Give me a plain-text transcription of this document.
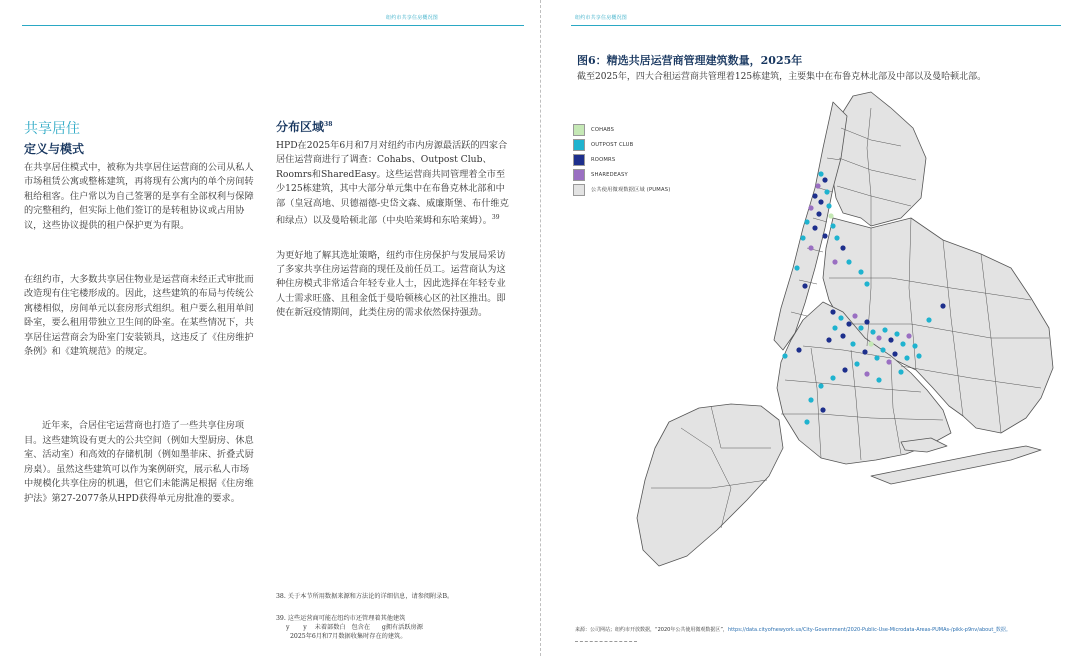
纽约市共享住房概况图
共享居住
定义与模式

在共享居住模式中，被称为共享居住运营商的公司从私人市场租赁公寓或整栋建筑，再将现有公寓内的单个房间转租给租客。住户常以为自己签署的是享有全部权利与保障的完整租约，但实际上他们签订的是转租协议或占用协议，这些协议提供的租户保护更为有限。

在纽约市，大多数共享居住物业是运营商未经正式审批而改造现有住宅楼形成的。因此，这些建筑的布局与传统公寓楼相似，房间单元以套房形式组织。租户要么租用单间卧室，要么租用带独立卫生间的卧室。在某些情况下，共享居住运营商会为卧室门安装锁具，这违反了《住房维护条例》和《建筑规范》的规定。

近年来，合居住宅运营商也打造了一些共享住房项目。这些建筑设有更大的公共空间（例如大型厨房、休息室、活动室）和高效的存储机制（例如墨菲床、折叠式厨房桌）。虽然这些建筑可以作为案例研究，展示私人市场中规模化共享住房的机遇，但它们未能满足根据《住房维护法》第27-2077条从HPD获得单元房批准的要求。

分布区域$^{38}$

HPD在2025年6月和7月对纽约市内房源最活跃的四家合居住运营商进行了调查：Cohabs、Outpost Club、Roomrs和SharedEasy。这些运营商共同管理着全市至少125栋建筑，其中大部分单元集中在布鲁克林北部和中部（皇冠高地、贝德福德-史岱文森、威廉斯堡、布什维克和绿点）以及曼哈顿北部（中央哈莱姆和东哈莱姆）。$^{39}$

为更好地了解其选址策略，纽约市住房保护与发展局采访了多家共享住房运营商的现任及前任员工。运营商认为这种住房模式非常适合年轻专业人士，因此选择在年轻专业人士需求旺盛、且租金低于曼哈顿核心区的社区推出。即使在新冠疫情期间，此类住房的需求依然保持强劲。

38. 关于本节所用数据来源和方法论的详细信息，请参阅附录B。
39. 这些运营商可能在纽约市还管理着其他建筑
y       y    未着部数白   包含在      g拥有活跃房源
2025年6月和7月数据收集时存在的建筑。
纽约市共享住房概况图
图6：精选共居运营商管理建筑数量，2025年
截至2025年，四大合租运营商共管理着125栋建筑，主要集中在布鲁克林北部及中部以及曼哈顿北部。
COHABS
OUTPOST CLUB
ROOMRS
SHAREDEASY
公共使用微观数据区域 (PUMAS)
来源：公司网站；纽约市开放数据，“2020年公共使用微观数据区”，https://data.cityofnewyork.us/City-Government/2020-Public-Use-Microdata-Areas-PUMAs-/pikk-p9nv/about_数据。
